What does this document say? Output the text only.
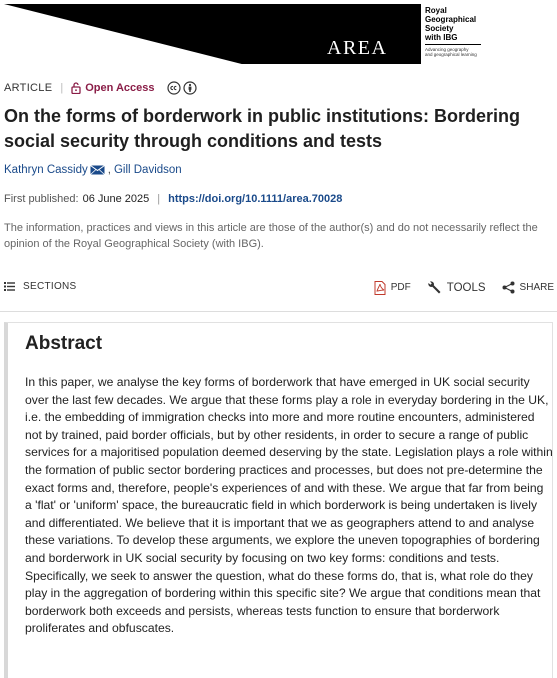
AREA
Royal
Geographical
Society
with IBG
Advancing geography
and geographical learning
ARTICLE | Open Access
On the forms of borderwork in public institutions: Bordering social security through conditions and tests
Kathryn Cassidy , Gill Davidson
First published: 06 June 2025 | https://doi.org/10.1111/area.70028

The information, practices and views in this article are those of the author(s) and do not necessarily reflect the opinion of the Royal Geographical Society (with IBG).

SECTIONS	PDF	TOOLS	SHARE
Abstract

In this paper, we analyse the key forms of borderwork that have emerged in UK social security over the last few decades. We argue that these forms play a role in everyday bordering in the UK, i.e. the embedding of immigration checks into more and more routine encounters, administered not by trained, paid border officials, but by other residents, in order to secure a range of public services for a majoritised population deemed deserving by the state. Legislation plays a role within the formation of public sector bordering practices and processes, but does not pre-determine the exact forms and, therefore, people's experiences of and with these. We argue that far from being a 'flat' or 'uniform' space, the bureaucratic field in which borderwork is being undertaken is lively and differentiated. We believe that it is important that we as geographers attend to and analyse these variations. To develop these arguments, we explore the uneven topographies of bordering and borderwork in UK social security by focusing on two key forms: conditions and tests. Specifically, we seek to answer the question, what do these forms do, that is, what role do they play in the aggregation of bordering within this specific site? We argue that conditions mean that borderwork both exceeds and persists, whereas tests function to ensure that borderwork proliferates and obfuscates.
